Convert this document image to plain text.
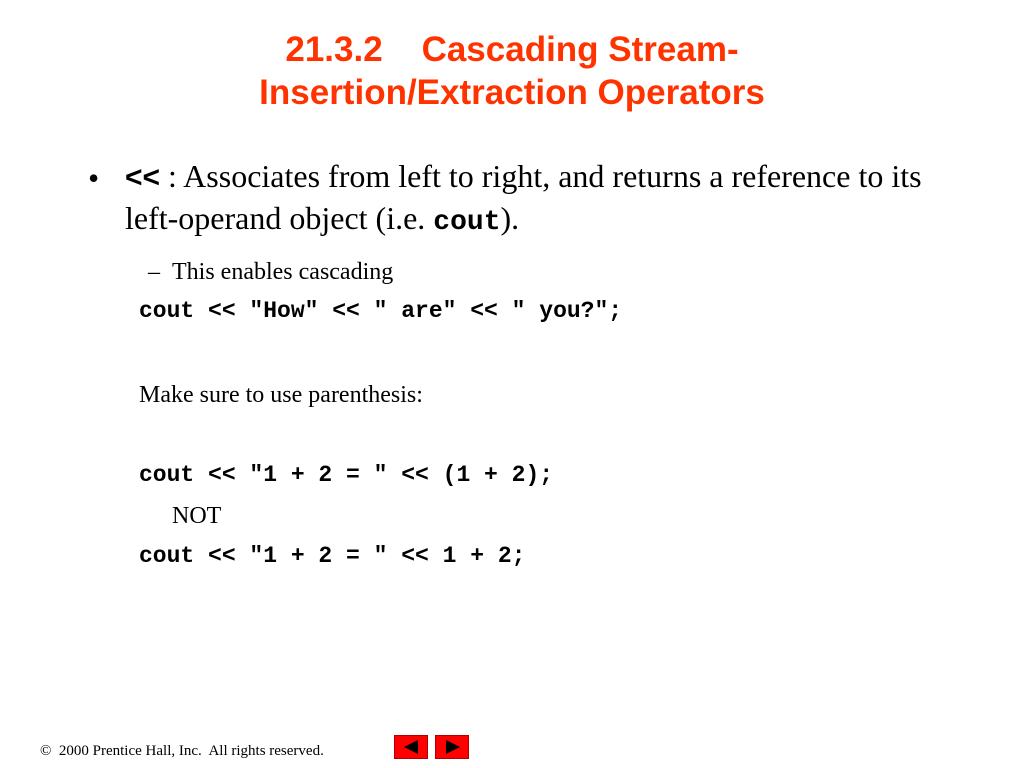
21.3.2    Cascading Stream-
Insertion/Extraction Operators
• << : Associates from left to right, and returns a reference to its left-operand object (i.e. cout).
– This enables cascading
cout << "How" << " are" << " you?";
Make sure to use parenthesis:
cout << "1 + 2 = " << (1 + 2);
NOT
cout << "1 + 2 = " << 1 + 2;
©  2000 Prentice Hall, Inc.  All rights reserved.
